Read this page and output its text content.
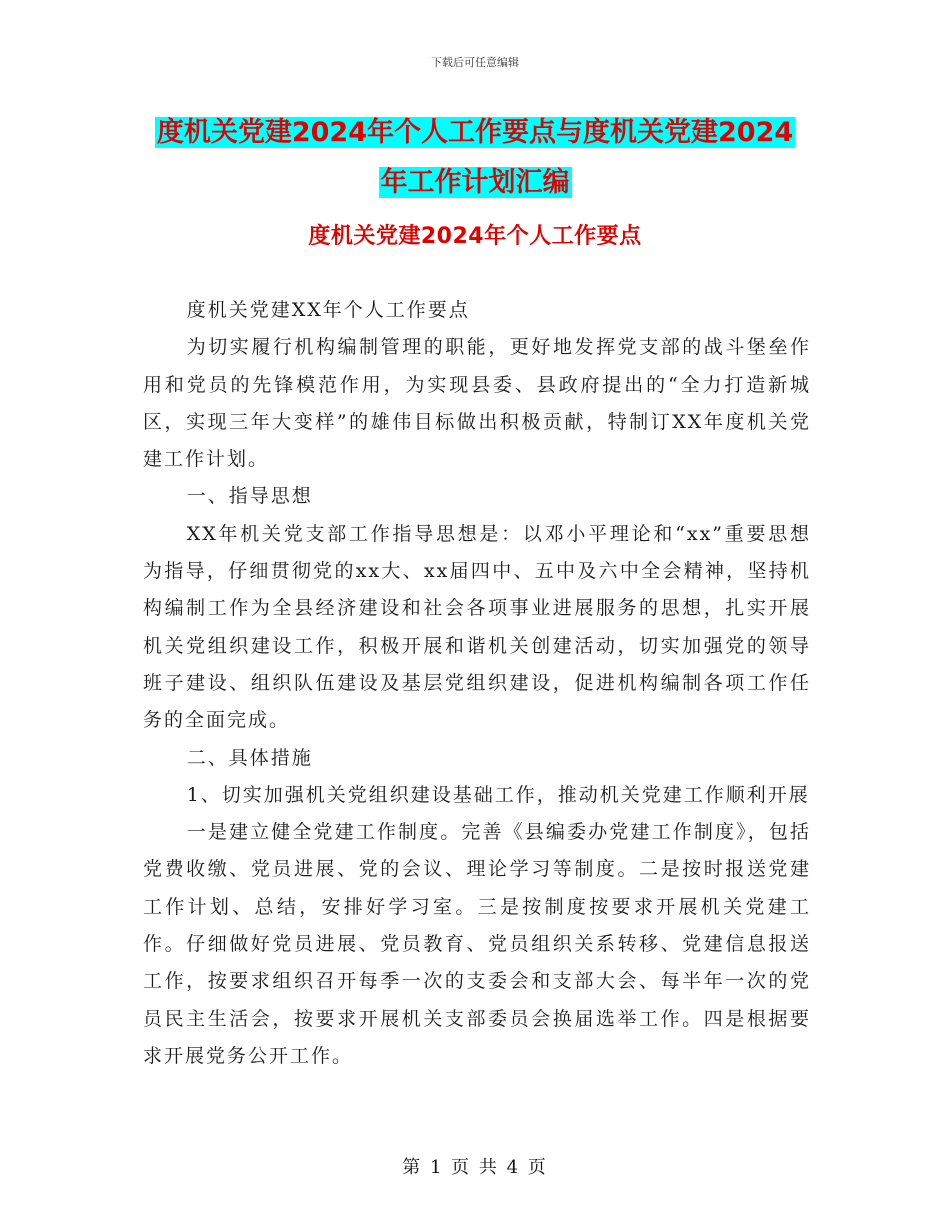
下载后可任意编辑
度机关党建2024年个人工作要点与度机关党建2024
年工作计划汇编
度机关党建2024年个人工作要点

度机关党建XX年个人工作要点

为切实履行机构编制管理的职能，更好地发挥党支部的战斗堡垒作用和党员的先锋模范作用，为实现县委、县政府提出的“全力打造新城区，实现三年大变样”的雄伟目标做出积极贡献，特制订XX年度机关党建工作计划。

一、指导思想

XX年机关党支部工作指导思想是：以邓小平理论和“xx”重要思想为指导，仔细贯彻党的xx大、xx届四中、五中及六中全会精神，坚持机构编制工作为全县经济建设和社会各项事业进展服务的思想，扎实开展机关党组织建设工作，积极开展和谐机关创建活动，切实加强党的领导班子建设、组织队伍建设及基层党组织建设，促进机构编制各项工作任务的全面完成。

二、具体措施

1、切实加强机关党组织建设基础工作，推动机关党建工作顺利开展

一是建立健全党建工作制度。完善《县编委办党建工作制度》，包括党费收缴、党员进展、党的会议、理论学习等制度。二是按时报送党建工作计划、总结，安排好学习室。三是按制度按要求开展机关党建工作。仔细做好党员进展、党员教育、党员组织关系转移、党建信息报送工作，按要求组织召开每季一次的支委会和支部大会、每半年一次的党员民主生活会，按要求开展机关支部委员会换届选举工作。四是根据要求开展党务公开工作。

第 1 页 共 4 页
